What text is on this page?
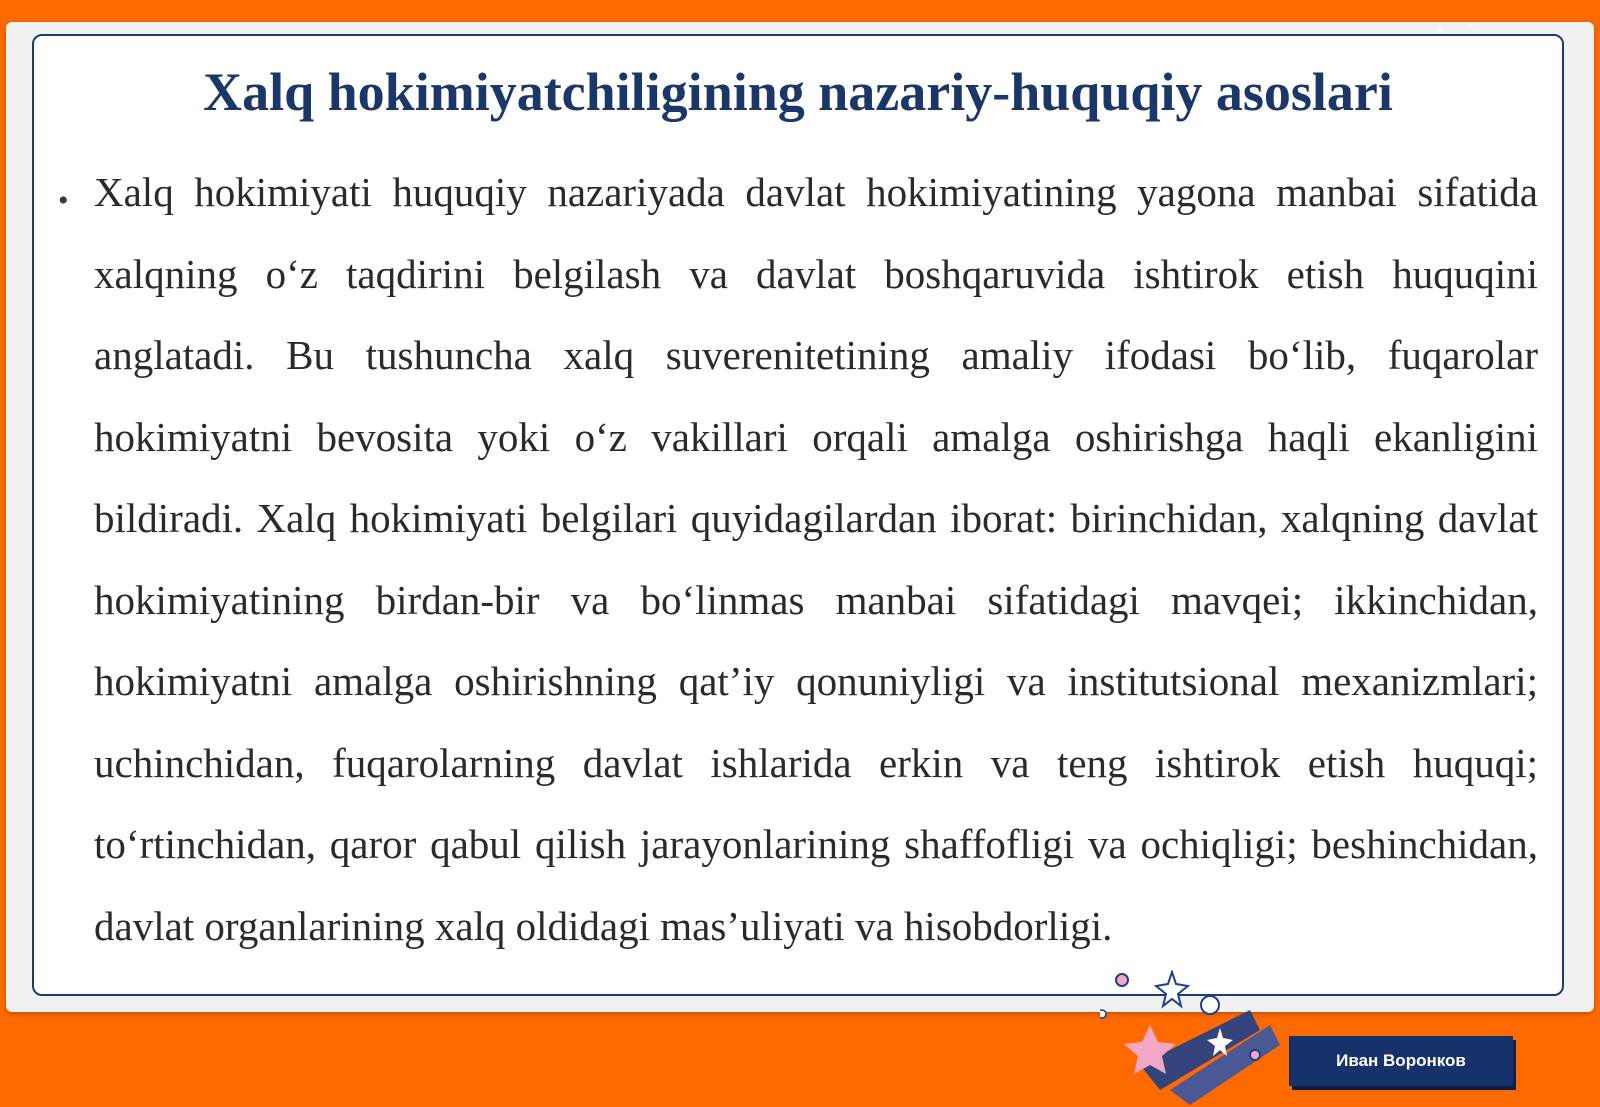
Xalq hokimiyatchiligining nazariy-huquqiy asoslari
• Xalq hokimiyati huquqiy nazariyada davlat hokimiyatining yagona manbai sifatida xalqning o‘z taqdirini belgilash va davlat boshqaruvida ishtirok etish huquqini anglatadi. Bu tushuncha xalq suverenitetining amaliy ifodasi bo‘lib, fuqarolar hokimiyatni bevosita yoki o‘z vakillari orqali amalga oshirishga haqli ekanligini bildiradi. Xalq hokimiyati belgilari quyidagilardan iborat: birinchidan, xalqning davlat hokimiyatining birdan-bir va bo‘linmas manbai sifatidagi mavqei; ikkinchidan, hokimiyatni amalga oshirishning qat’iy qonuniyligi va institutsional mexanizmlari; uchinchidan, fuqarolarning davlat ishlarida erkin va teng ishtirok etish huquqi; to‘rtinchidan, qaror qabul qilish jarayonlarining shaffofligi va ochiqligi; beshinchidan, davlat organlarining xalq oldidagi mas’uliyati va hisobdorligi.

Иван Воронков
